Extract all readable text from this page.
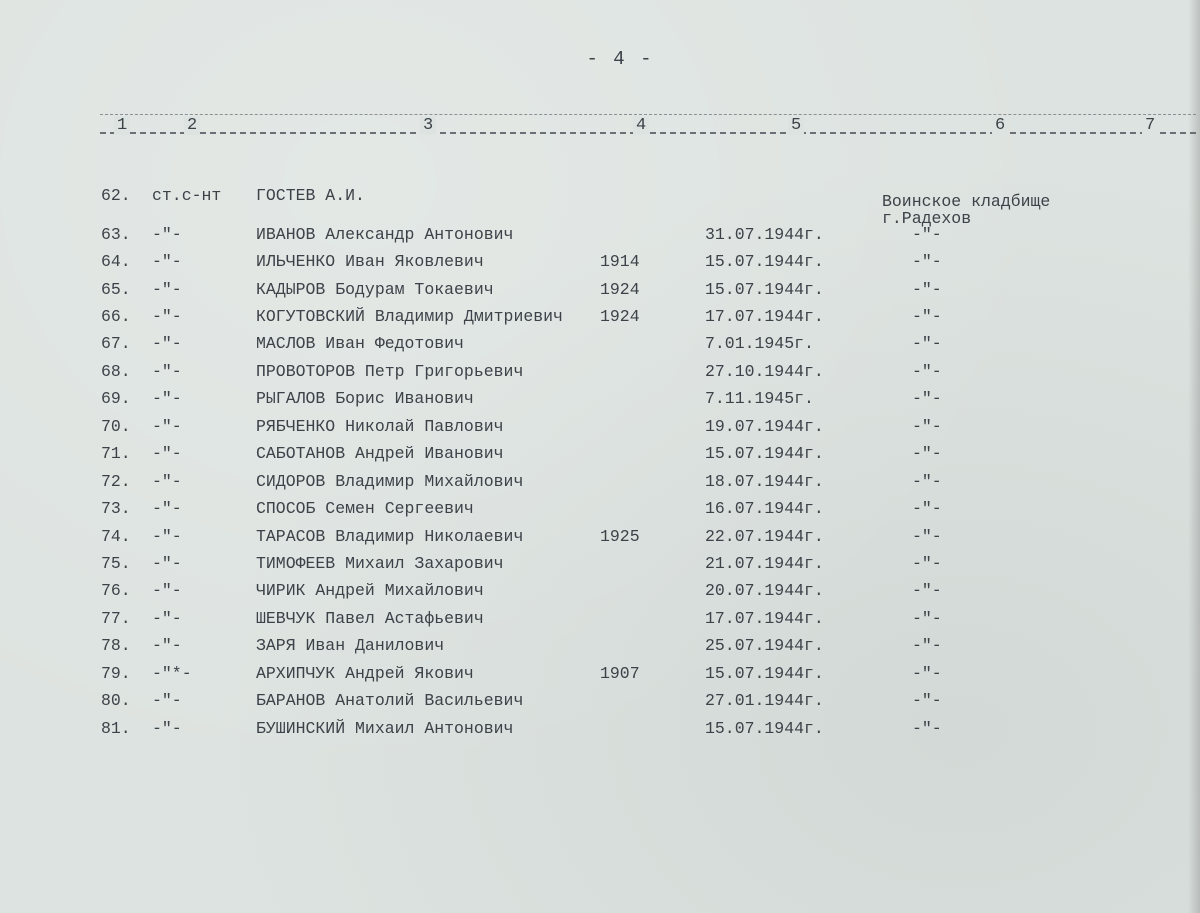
- 4 -
1	2	3	4	5	6	7
Воинское кладбище
г.Радехов
62.	ст.с-нт	ГОСТЕВ А.И.
63.	-"-	ИВАНОВ Александр Антонович	31.07.1944г.	-"-
64.	-"-	ИЛЬЧЕНКО Иван Яковлевич	1914	15.07.1944г.	-"-
65.	-"-	КАДЫРОВ Бодурам Токаевич	1924	15.07.1944г.	-"-
66.	-"-	КОГУТОВСКИЙ Владимир Дмитриевич	1924	17.07.1944г.	-"-
67.	-"-	МАСЛОВ Иван Федотович	7.01.1945г.	-"-
68.	-"-	ПРОВОТОРОВ Петр Григорьевич	27.10.1944г.	-"-
69.	-"-	РЫГАЛОВ Борис Иванович	7.11.1945г.	-"-
70.	-"-	РЯБЧЕНКО Николай Павлович	19.07.1944г.	-"-
71.	-"-	САБОТАНОВ Андрей Иванович	15.07.1944г.	-"-
72.	-"-	СИДОРОВ Владимир Михайлович	18.07.1944г.	-"-
73.	-"-	СПОСОБ Семен Сергеевич	16.07.1944г.	-"-
74.	-"-	ТАРАСОВ Владимир Николаевич	1925	22.07.1944г.	-"-
75.	-"-	ТИМОФЕЕВ Михаил Захарович	21.07.1944г.	-"-
76.	-"-	ЧИРИК Андрей Михайлович	20.07.1944г.	-"-
77.	-"-	ШЕВЧУК Павел Астафьевич	17.07.1944г.	-"-
78.	-"-	ЗАРЯ Иван Данилович	25.07.1944г.	-"-
79.	-"*-	АРХИПЧУК Андрей Якович	1907	15.07.1944г.	-"-
80.	-"-	БАРАНОВ Анатолий Васильевич	27.01.1944г.	-"-
81.	-"-	БУШИНСКИЙ Михаил Антонович	15.07.1944г.	-"-
